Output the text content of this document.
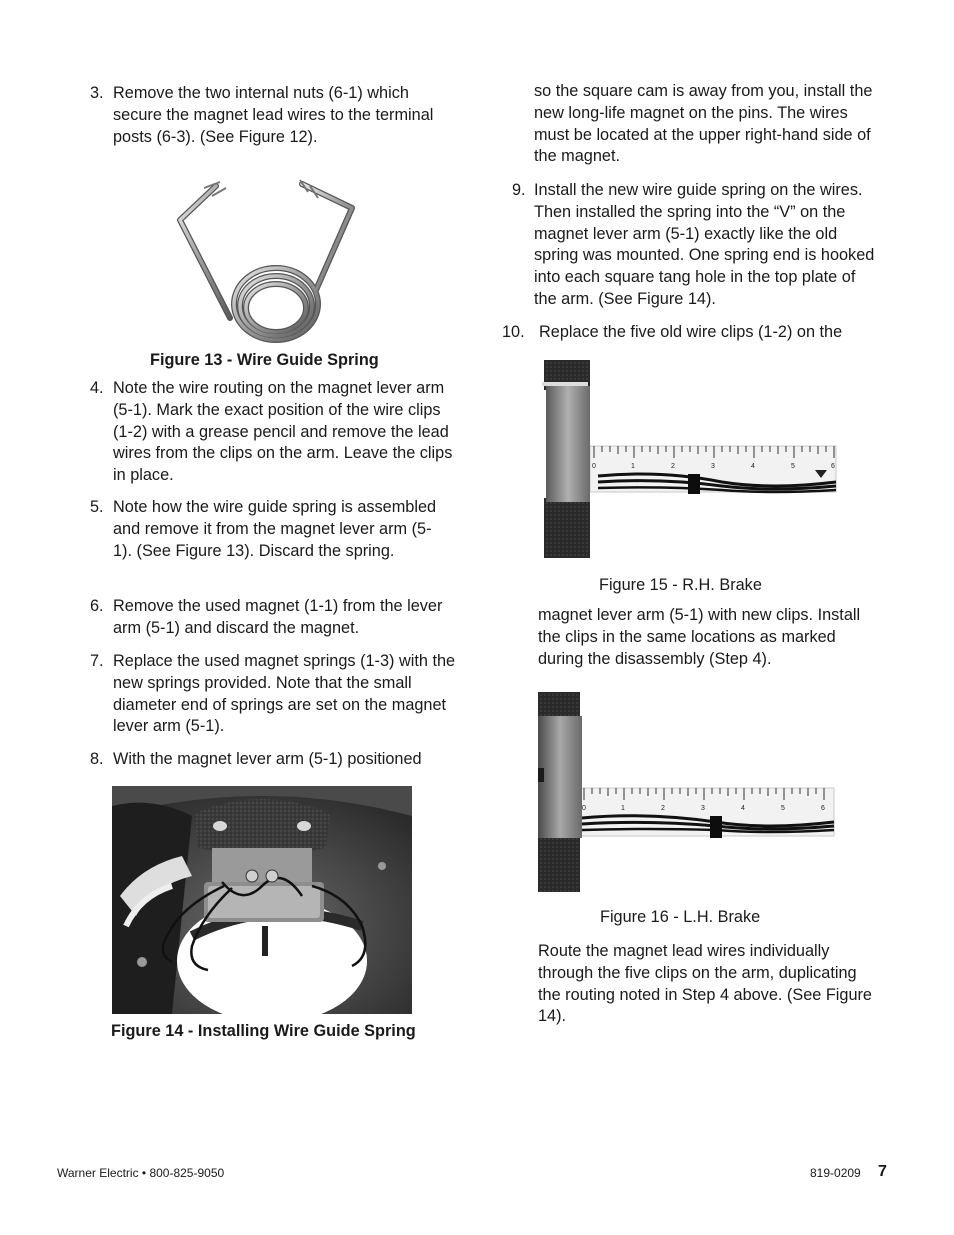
3. Remove the two internal nuts (6-1) which secure the magnet lead wires to the terminal posts (6-3). (See Figure 12).
Figure 13 - Wire Guide Spring
4. Note the wire routing on the magnet lever arm (5-1). Mark the exact position of the wire clips (1-2) with a grease pencil and remove the lead wires from the clips on the arm. Leave the clips in place.
5. Note how the wire guide spring is assembled and remove it from the magnet lever arm (5-1). (See Figure 13). Discard the spring.
6. Remove the used magnet (1-1) from the lever arm (5-1) and discard the magnet.
7. Replace the used magnet springs (1-3) with the new springs provided. Note that the small diameter end of springs are set on the magnet lever arm (5-1).
8. With the magnet lever arm (5-1) positioned
Figure 14 - Installing Wire Guide Spring
so the square cam is away from you, install the new long-life magnet on the pins. The wires must be located at the upper right-hand side of the magnet.
9. Install the new wire guide spring on the wires. Then installed the spring into the “V” on the magnet lever arm (5-1) exactly like the old spring was mounted. One spring end is hooked into each square tang hole in the top plate of the arm. (See Figure 14).
10. Replace the five old wire clips (1-2) on the
0	1	2	3	4	5	6
Figure 15 - R.H. Brake
magnet lever arm (5-1) with new clips. Install the clips in the same locations as marked during the disassembly (Step 4).
0	1	2	3	4	5	6
Figure 16 - L.H. Brake
Route the magnet lead wires individually through the five clips on the arm, duplicating the routing noted in Step 4 above. (See Figure 14).
Warner Electric • 800-825-9050	819-0209 7
